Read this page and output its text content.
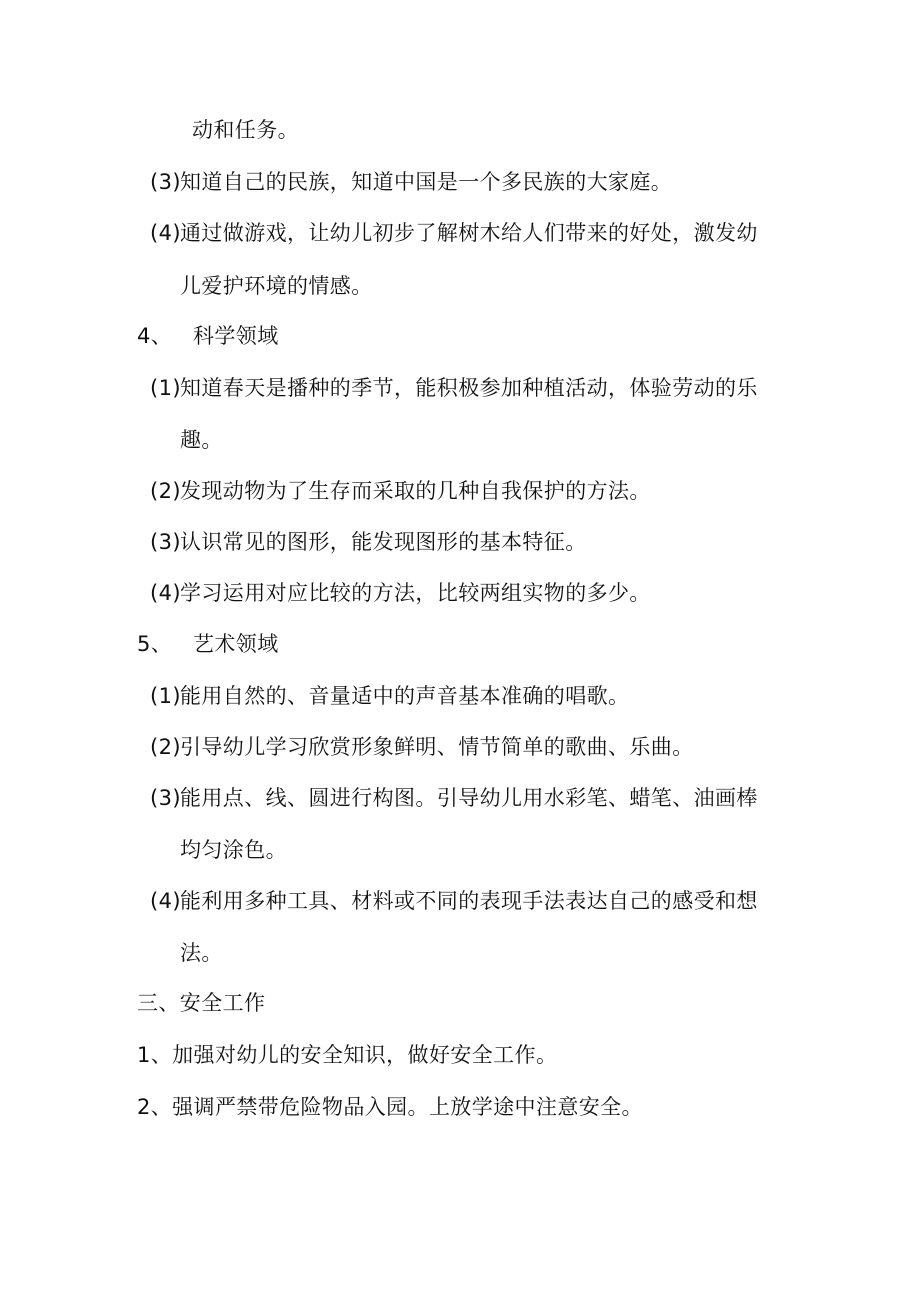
动和任务。
(3)知道自己的民族，知道中国是一个多民族的大家庭。
(4)通过做游戏，让幼儿初步了解树木给人们带来的好处，激发幼
儿爱护环境的情感。
4、 科学领域
(1)知道春天是播种的季节，能积极参加种植活动，体验劳动的乐
趣。
(2)发现动物为了生存而采取的几种自我保护的方法。
(3)认识常见的图形，能发现图形的基本特征。
(4)学习运用对应比较的方法，比较两组实物的多少。
5、 艺术领域
(1)能用自然的、音量适中的声音基本准确的唱歌。
(2)引导幼儿学习欣赏形象鲜明、情节简单的歌曲、乐曲。
(3)能用点、线、圆进行构图。引导幼儿用水彩笔、蜡笔、油画棒
均匀涂色。
(4)能利用多种工具、材料或不同的表现手法表达自己的感受和想
法。
三、安全工作
1、加强对幼儿的安全知识，做好安全工作。
2、强调严禁带危险物品入园。上放学途中注意安全。
